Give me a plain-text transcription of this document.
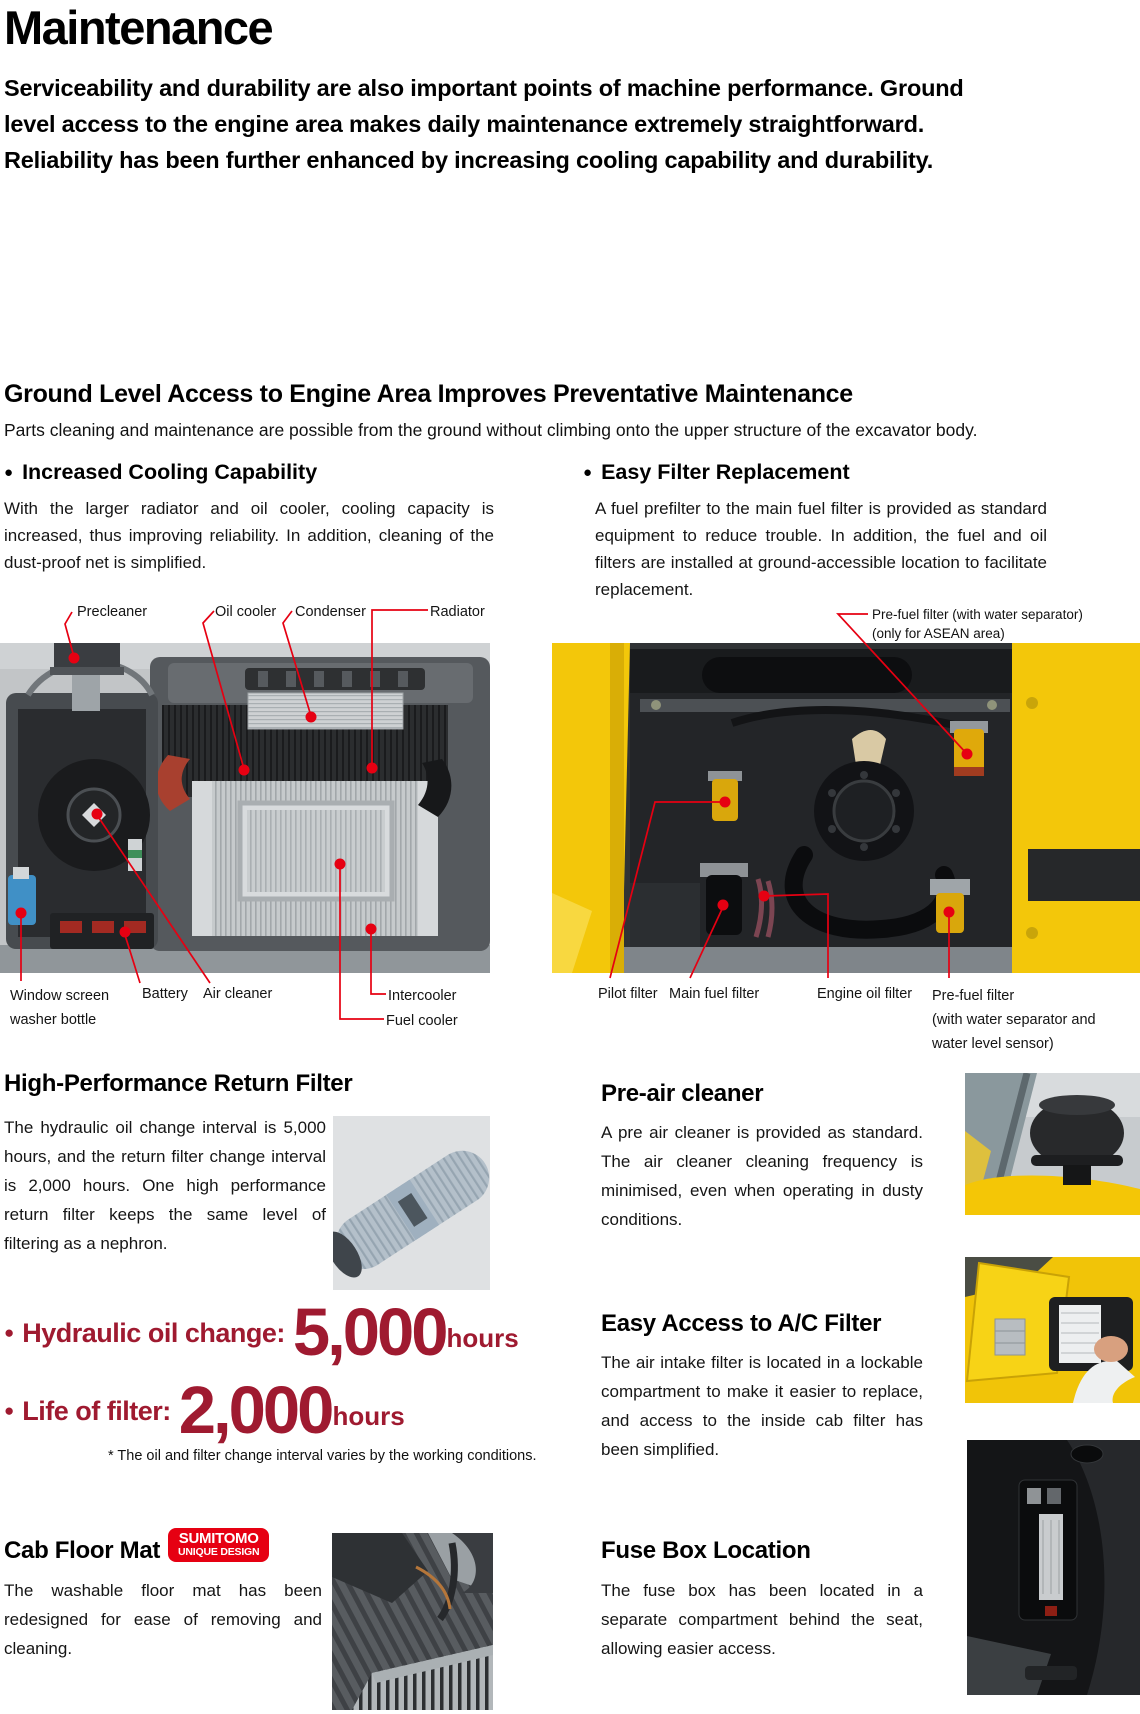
Maintenance
Serviceability and durability are also important points of machine performance. Ground level access to the engine area makes daily maintenance extremely straightforward. Reliability has been further enhanced by increasing cooling capability and durability.
Ground Level Access to Engine Area Improves Preventative Maintenance
Parts cleaning and maintenance are possible from the ground without climbing onto the upper structure of the excavator body.
● Increased Cooling Capability
With the larger radiator and oil cooler, cooling capacity is increased, thus improving reliability. In addition, cleaning of the dust-proof net is simplified.
● Easy Filter Replacement
A fuel prefilter to the main fuel filter is provided as standard equipment to reduce trouble. In addition, the fuel and oil filters are installed at ground-accessible location to facilitate replacement.
Precleaner	Oil cooler Condenser	Radiator
Window screen
washer bottle
Battery Air cleaner	Intercooler
Fuel cooler
Pre-fuel filter (with water separator)
(only for ASEAN area)
Pilot filter Main fuel filter	Engine oil filter Pre-fuel filter
(with water separator and
water level sensor)
High-Performance Return Filter
The hydraulic oil change interval is 5,000 hours, and the return filter change interval is 2,000 hours. One high performance return filter keeps the same level of filtering as a nephron.
● Hydraulic oil change: 5,000 hours
● Life of filter: 2,000 hours
* The oil and filter change interval varies by the working conditions.
Pre-air cleaner
A pre air cleaner is provided as standard. The air cleaner cleaning frequency is minimised, even when operating in dusty conditions.
Easy Access to A/C Filter
The air intake filter is located in a lockable compartment to make it easier to replace, and access to the inside cab filter has been simplified.
Cab Floor Mat SUMITOMO
UNIQUE DESIGN
The washable floor mat has been redesigned for ease of removing and cleaning.
Fuse Box Location
The fuse box has been located in a separate compartment behind the seat, allowing easier access.
